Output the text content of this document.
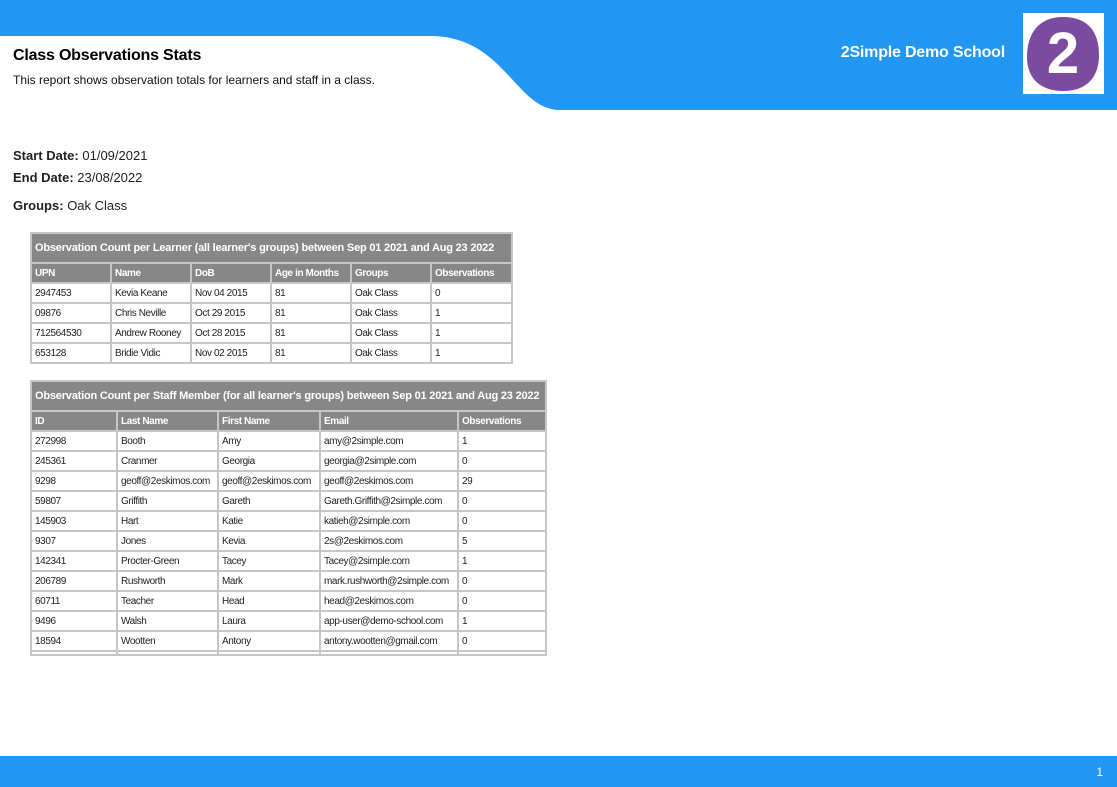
Class Observations Stats
This report shows observation totals for learners and staff in a class.
2Simple Demo School 2
Start Date: 01/09/2021
End Date: 23/08/2022
Groups: Oak Class
Observation Count per Learner (all learner's groups) between Sep 01 2021 and Aug 23 2022					
UPN	Name	DoB	Age in Months	Groups	Observations
2947453	Kevia Keane	Nov 04 2015	81	Oak Class	0
09876	Chris Neville	Oct 29 2015	81	Oak Class	1
712564530	Andrew Rooney	Oct 28 2015	81	Oak Class	1
653128	Bridie Vidic	Nov 02 2015	81	Oak Class	1
Observation Count per Staff Member (for all learner's groups) between Sep 01 2021 and Aug 23 2022				
ID	Last Name	First Name	Email	Observations
272998	Booth	Amy	amy@2simple.com	1
245361	Cranmer	Georgia	georgia@2simple.com	0
9298	geoff@2eskimos.com	geoff@2eskimos.com	geoff@2eskimos.com	29
59807	Griffith	Gareth	Gareth.Griffith@2simple.com	0
145903	Hart	Katie	katieh@2simple.com	0
9307	Jones	Kevia	2s@2eskimos.com	5
142341	Procter-Green	Tacey	Tacey@2simple.com	1
206789	Rushworth	Mark	mark.rushworth@2simple.com	0
60711	Teacher	Head	head@2eskimos.com	0
9496	Walsh	Laura	app-user@demo-school.com	1
18594	Wootten	Antony	antony.wootten@gmail.com	0

1
